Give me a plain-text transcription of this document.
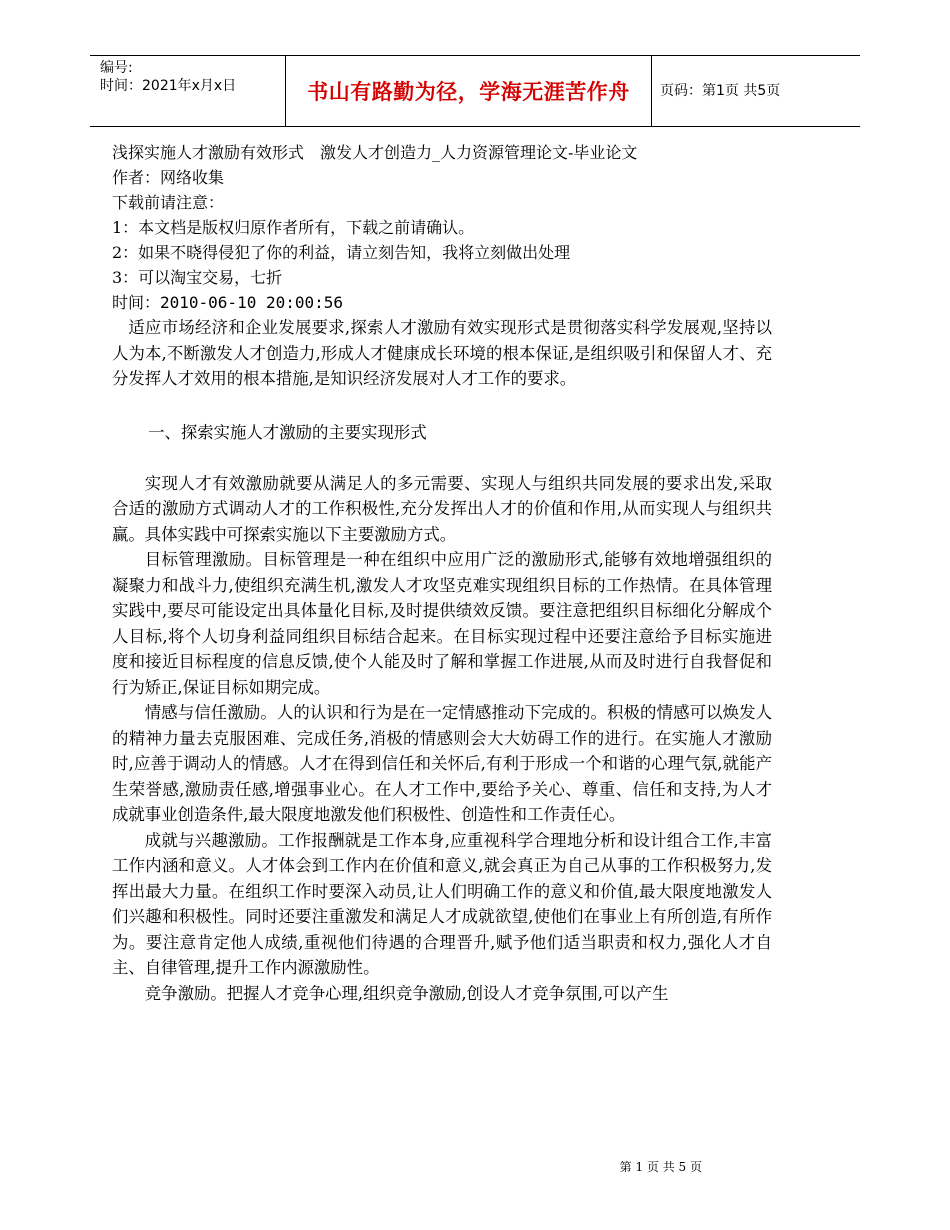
编号:
时间：2021年x月x日	书山有路勤为径，学海无涯苦作舟 页码：第1页 共5页

浅探实施人才激励有效形式　激发人才创造力_人力资源管理论文-毕业论文

作者：网络收集

下载前请注意：

1：本文档是版权归原作者所有，下载之前请确认。

2：如果不晓得侵犯了你的利益，请立刻告知，我将立刻做出处理

3：可以淘宝交易，七折

时间：2010-06-10 20:00:56

适应市场经济和企业发展要求,探索人才激励有效实现形式是贯彻落实科学发展观,坚持以人为本,不断激发人才创造力,形成人才健康成长环境的根本保证,是组织吸引和保留人才、充分发挥人才效用的根本措施,是知识经济发展对人才工作的要求。

一、探索实施人才激励的主要实现形式

实现人才有效激励就要从满足人的多元需要、实现人与组织共同发展的要求出发,采取合适的激励方式调动人才的工作积极性,充分发挥出人才的价值和作用,从而实现人与组织共赢。具体实践中可探索实施以下主要激励方式。

目标管理激励。目标管理是一种在组织中应用广泛的激励形式,能够有效地增强组织的凝聚力和战斗力,使组织充满生机,激发人才攻坚克难实现组织目标的工作热情。在具体管理实践中,要尽可能设定出具体量化目标,及时提供绩效反馈。要注意把组织目标细化分解成个人目标,将个人切身利益同组织目标结合起来。在目标实现过程中还要注意给予目标实施进度和接近目标程度的信息反馈,使个人能及时了解和掌握工作进展,从而及时进行自我督促和行为矫正,保证目标如期完成。

情感与信任激励。人的认识和行为是在一定情感推动下完成的。积极的情感可以焕发人的精神力量去克服困难、完成任务,消极的情感则会大大妨碍工作的进行。在实施人才激励时,应善于调动人的情感。人才在得到信任和关怀后,有利于形成一个和谐的心理气氛,就能产生荣誉感,激励责任感,增强事业心。在人才工作中,要给予关心、尊重、信任和支持,为人才成就事业创造条件,最大限度地激发他们积极性、创造性和工作责任心。

成就与兴趣激励。工作报酬就是工作本身,应重视科学合理地分析和设计组合工作,丰富工作内涵和意义。人才体会到工作内在价值和意义,就会真正为自己从事的工作积极努力,发挥出最大力量。在组织工作时要深入动员,让人们明确工作的意义和价值,最大限度地激发人们兴趣和积极性。同时还要注重激发和满足人才成就欲望,使他们在事业上有所创造,有所作为。要注意肯定他人成绩,重视他们待遇的合理晋升,赋予他们适当职责和权力,强化人才自主、自律管理,提升工作内源激励性。

竞争激励。把握人才竞争心理,组织竞争激励,创设人才竞争氛围,可以产生

第 1 页 共 5 页
